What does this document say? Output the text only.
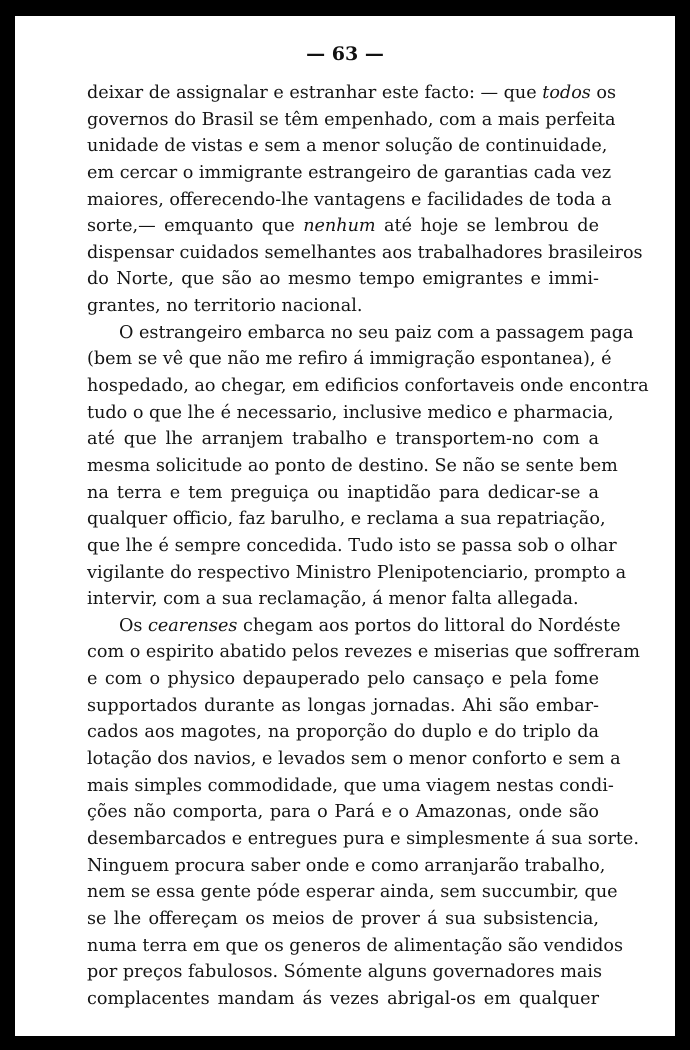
— 63 —
deixar de assignalar e estranhar este facto: — que todos os
governos do Brasil se têm empenhado, com a mais perfeita
unidade de vistas e sem a menor solução de continuidade,
em cercar o immigrante estrangeiro de garantias cada vez
maiores, offerecendo-lhe vantagens e facilidades de toda a
sorte,— emquanto que nenhum até hoje se lembrou de
dispensar cuidados semelhantes aos trabalhadores brasileiros
do Norte, que são ao mesmo tempo emigrantes e immi-
grantes, no territorio nacional.
O estrangeiro embarca no seu paiz com a passagem paga
(bem se vê que não me refiro á immigração espontanea), é
hospedado, ao chegar, em edificios confortaveis onde encontra
tudo o que lhe é necessario, inclusive medico e pharmacia,
até que lhe arranjem trabalho e transportem-no com a
mesma solicitude ao ponto de destino. Se não se sente bem
na terra e tem preguiça ou inaptidão para dedicar-se a
qualquer officio, faz barulho, e reclama a sua repatriação,
que lhe é sempre concedida. Tudo isto se passa sob o olhar
vigilante do respectivo Ministro Plenipotenciario, prompto a
intervir, com a sua reclamação, á menor falta allegada.
Os cearenses chegam aos portos do littoral do Nordéste
com o espirito abatido pelos revezes e miserias que soffreram
e com o physico depauperado pelo cansaço e pela fome
supportados durante as longas jornadas. Ahi são embar-
cados aos magotes, na proporção do duplo e do triplo da
lotação dos navios, e levados sem o menor conforto e sem a
mais simples commodidade, que uma viagem nestas condi-
ções não comporta, para o Pará e o Amazonas, onde são
desembarcados e entregues pura e simplesmente á sua sorte.
Ninguem procura saber onde e como arranjarão trabalho,
nem se essa gente póde esperar ainda, sem succumbir, que
se lhe offereçam os meios de prover á sua subsistencia,
numa terra em que os generos de alimentação são vendidos
por preços fabulosos. Sómente alguns governadores mais
complacentes mandam ás vezes abrigal-os em qualquer
